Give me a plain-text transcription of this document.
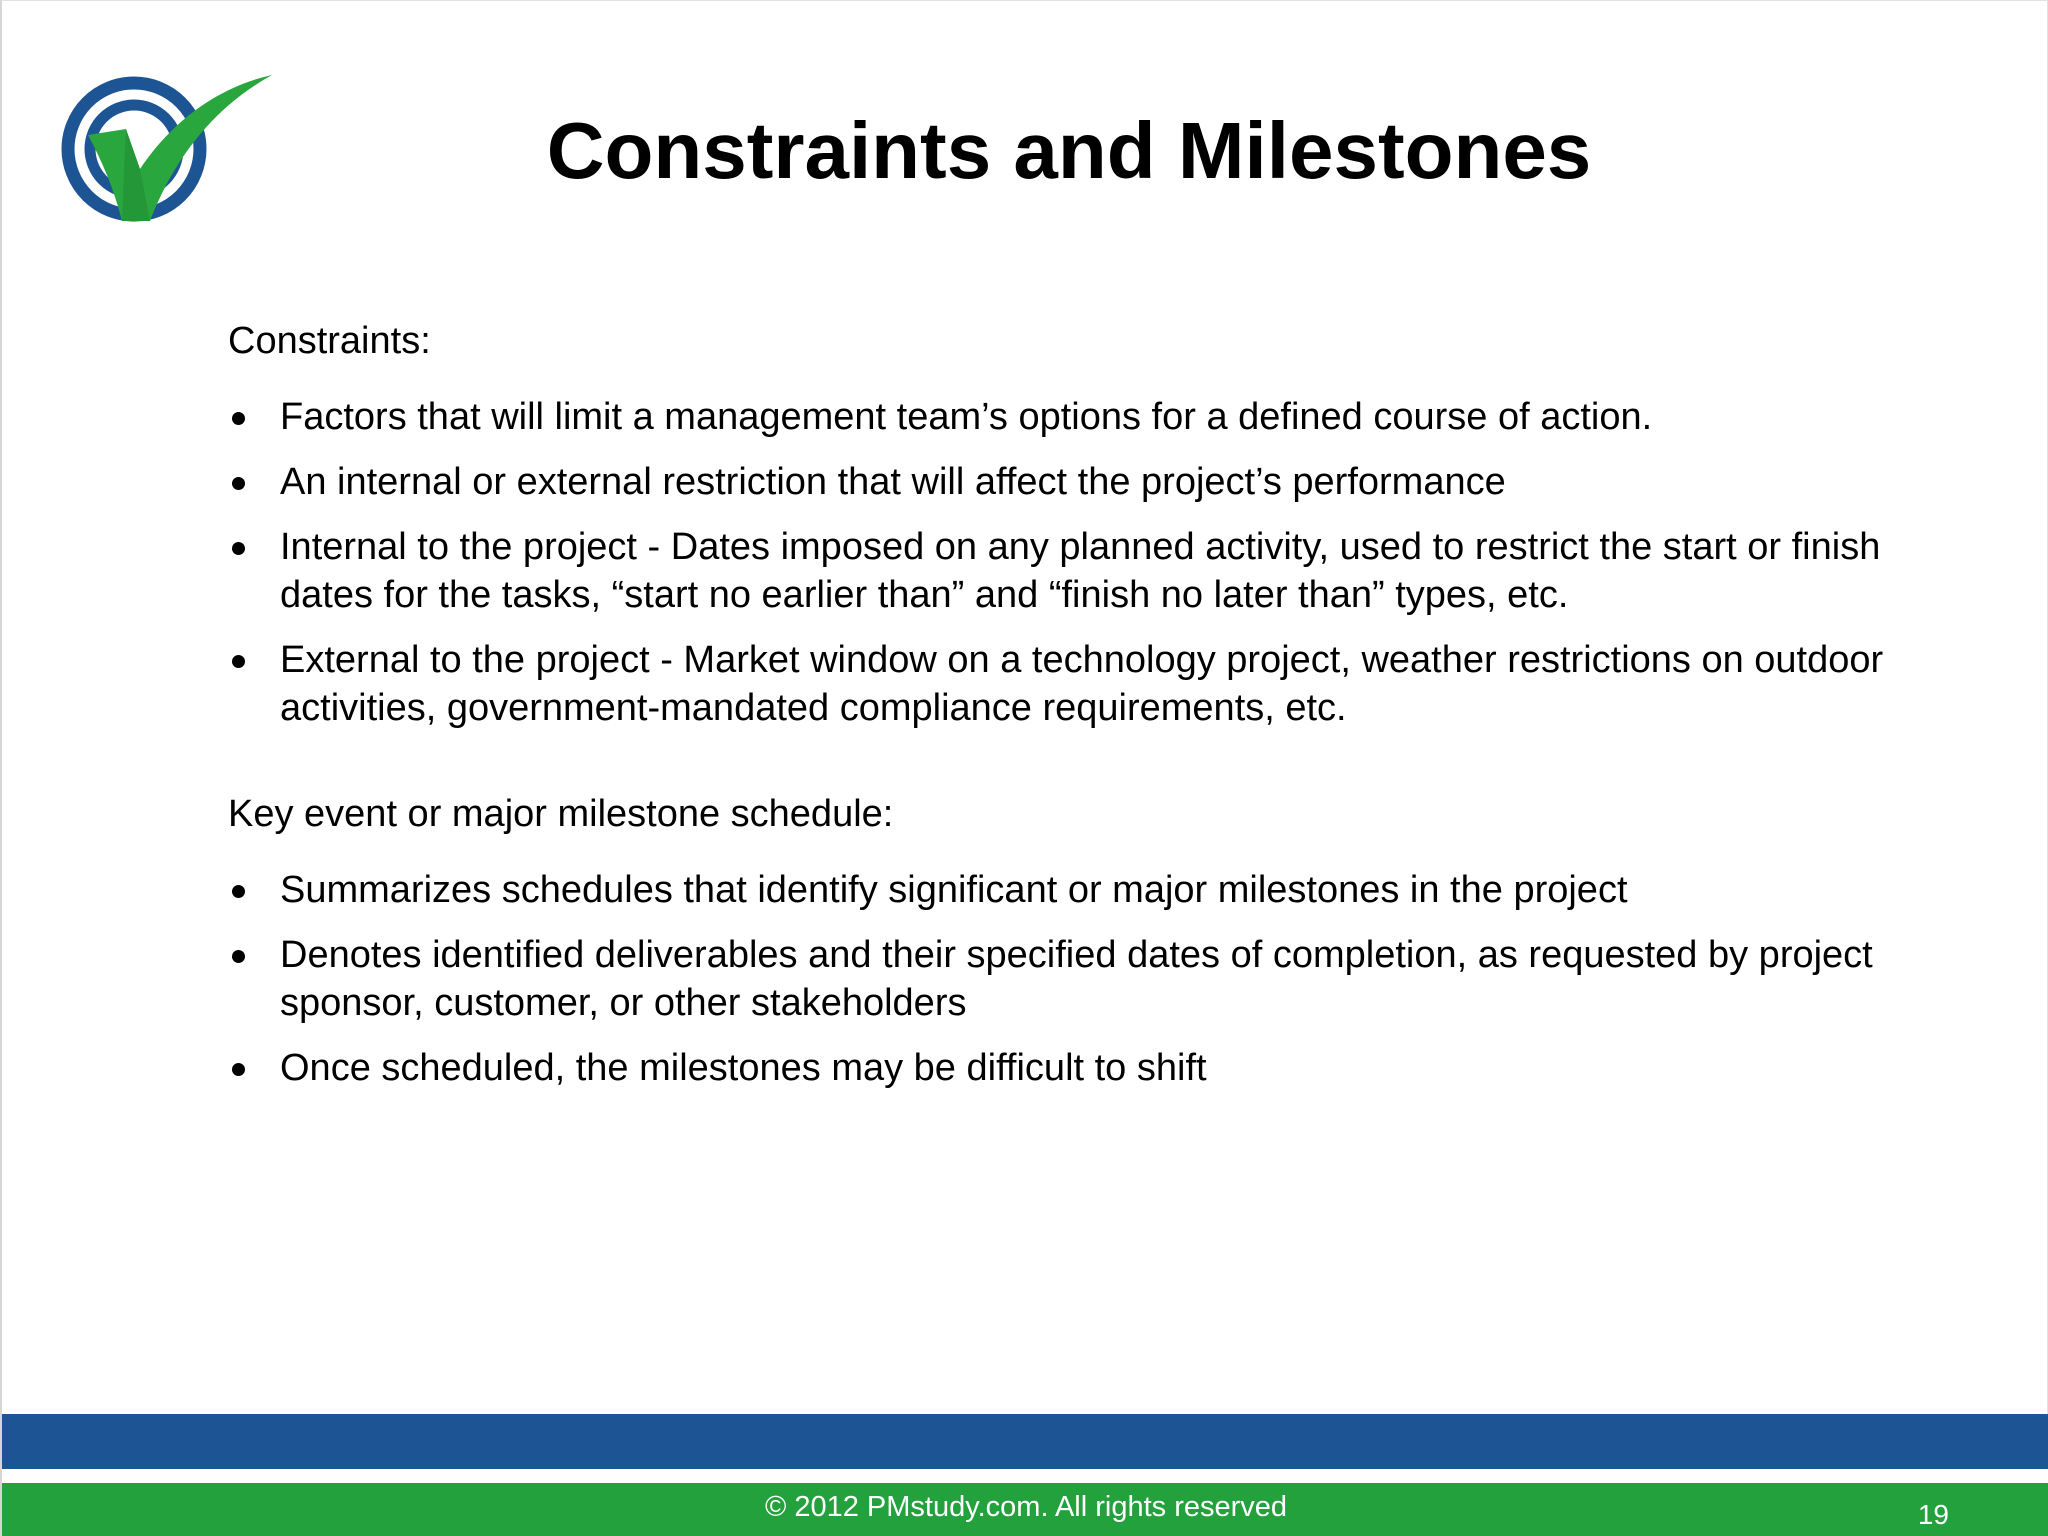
Constraints and Milestones

Constraints:

Factors that will limit a management team’s options for a defined course of action.
An internal or external restriction that will affect the project’s performance
Internal to the project - Dates imposed on any planned activity, used to restrict the start or finish dates for the tasks, “start no earlier than” and “finish no later than” types, etc.
External to the project - Market window on a technology project, weather restrictions on outdoor activities, government-mandated compliance requirements, etc.

Key event or major milestone schedule:

Summarizes schedules that identify significant or major milestones in the project
Denotes identified deliverables and their specified dates of completion, as requested by project sponsor, customer, or other stakeholders
Once scheduled, the milestones may be difficult to shift
© 2012 PMstudy.com. All rights reserved	19
